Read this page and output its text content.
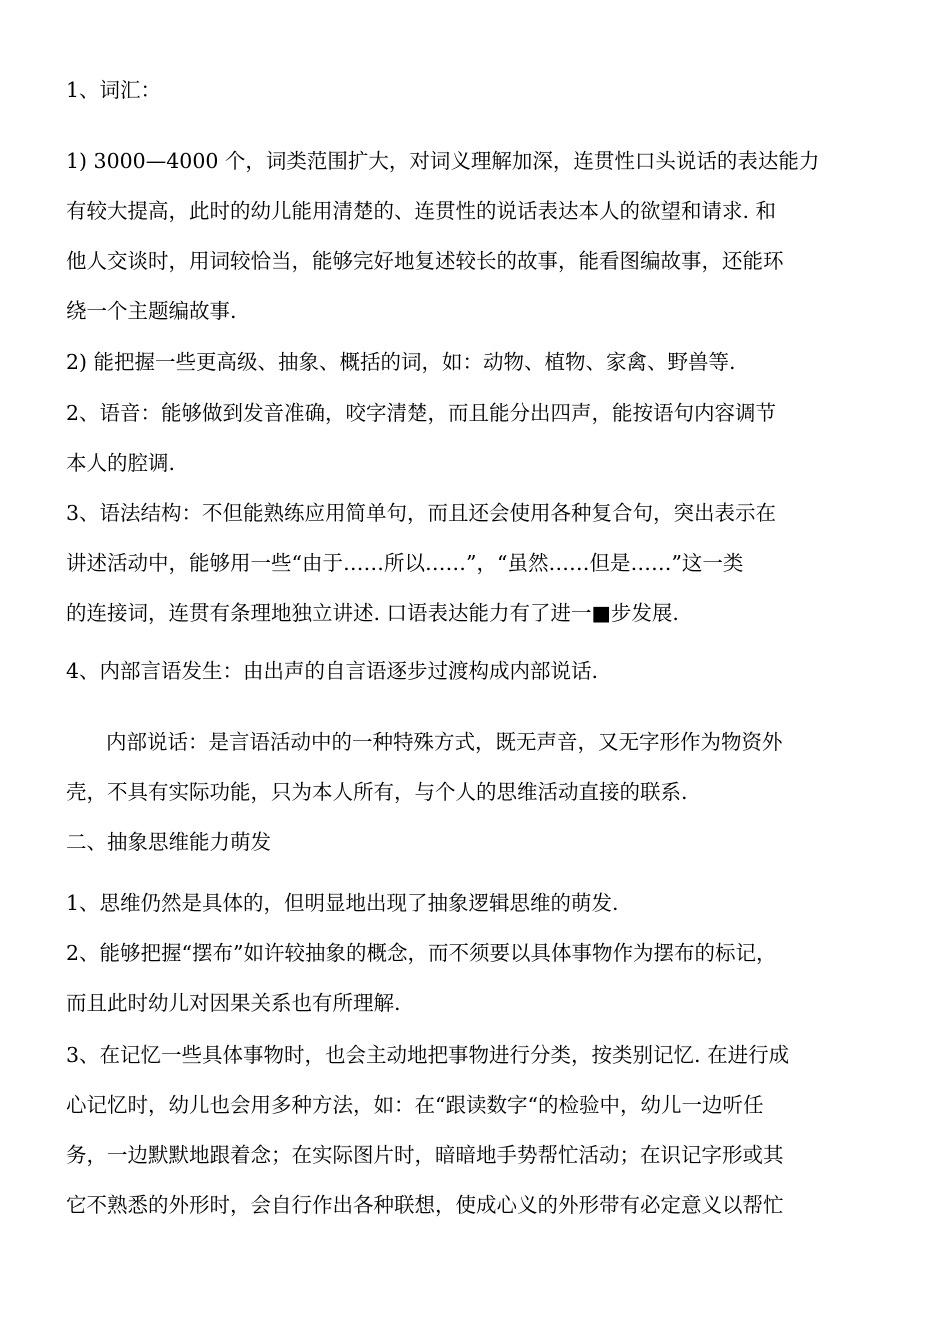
1、词汇：
1) 3000—4000 个，词类范围扩大，对词义理解加深，连贯性口头说话的表达能力
有较大提高，此时的幼儿能用清楚的、连贯性的说话表达本人的欲望和请求. 和
他人交谈时，用词较恰当，能够完好地复述较长的故事，能看图编故事，还能环
绕一个主题编故事.
2) 能把握一些更高级、抽象、概括的词，如：动物、植物、家禽、野兽等.
2、语音：能够做到发音准确，咬字清楚，而且能分出四声，能按语句内容调节
本人的腔调.
3、语法结构：不但能熟练应用简单句，而且还会使用各种复合句，突出表示在
讲述活动中，能够用一些“由于……所以……”，“虽然……但是……”这一类
的连接词，连贯有条理地独立讲述. 口语表达能力有了进一■步发展.
4、内部言语发生：由出声的自言语逐步过渡构成内部说话.
内部说话：是言语活动中的一种特殊方式，既无声音，又无字形作为物资外
壳，不具有实际功能，只为本人所有，与个人的思维活动直接的联系.
二、抽象思维能力萌发
1、思维仍然是具体的，但明显地出现了抽象逻辑思维的萌发.
2、能够把握“摆布”如许较抽象的概念，而不须要以具体事物作为摆布的标记，
而且此时幼儿对因果关系也有所理解.
3、在记忆一些具体事物时，也会主动地把事物进行分类，按类别记忆. 在进行成
心记忆时，幼儿也会用多种方法，如：在“跟读数字“的检验中，幼儿一边听任
务，一边默默地跟着念；在实际图片时，暗暗地手势帮忙活动；在识记字形或其
它不熟悉的外形时，会自行作出各种联想，使成心义的外形带有必定意义以帮忙
